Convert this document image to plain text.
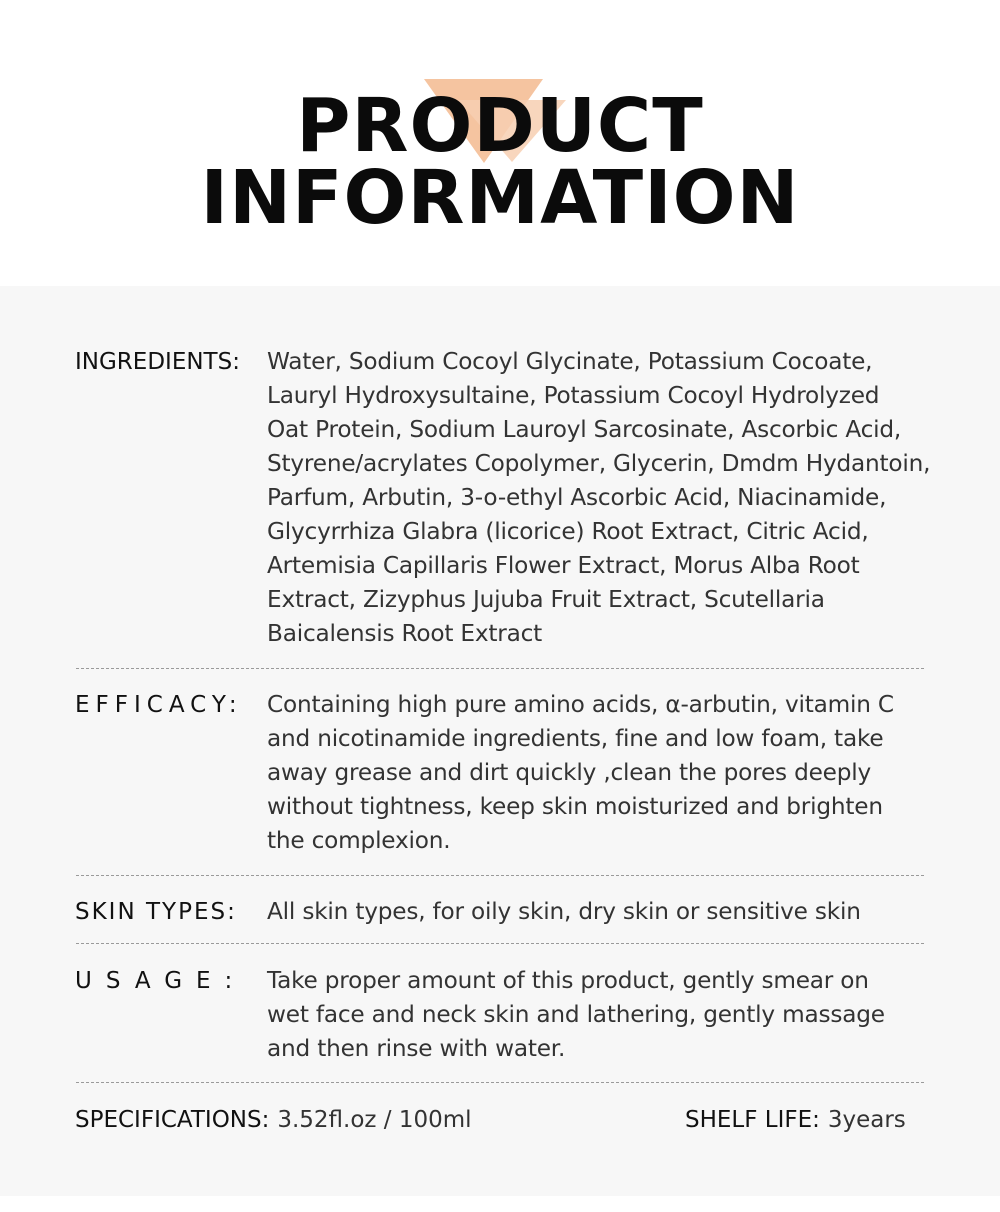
PRODUCT
INFORMATION
INGREDIENTS: Water, Sodium Cocoyl Glycinate, Potassium Cocoate,
Lauryl Hydroxysultaine, Potassium Cocoyl Hydrolyzed
Oat Protein, Sodium Lauroyl Sarcosinate, Ascorbic Acid,
Styrene/acrylates Copolymer, Glycerin, Dmdm Hydantoin,
Parfum, Arbutin, 3-o-ethyl Ascorbic Acid, Niacinamide,
Glycyrrhiza Glabra (licorice) Root Extract, Citric Acid,
Artemisia Capillaris Flower Extract, Morus Alba Root
Extract, Zizyphus Jujuba Fruit Extract, Scutellaria
Baicalensis Root Extract
EFFICACY: Containing high pure amino acids, α-arbutin, vitamin C
and nicotinamide ingredients, fine and low foam, take
away grease and dirt quickly ,clean the pores deeply
without tightness, keep skin moisturized and brighten
the complexion.
SKIN TYPES: All skin types, for oily skin, dry skin or sensitive skin
USAGE: Take proper amount of this product, gently smear on
wet face and neck skin and lathering, gently massage
and then rinse with water.
SPECIFICATIONS: 3.52fl.oz / 100ml	SHELF LIFE: 3years
